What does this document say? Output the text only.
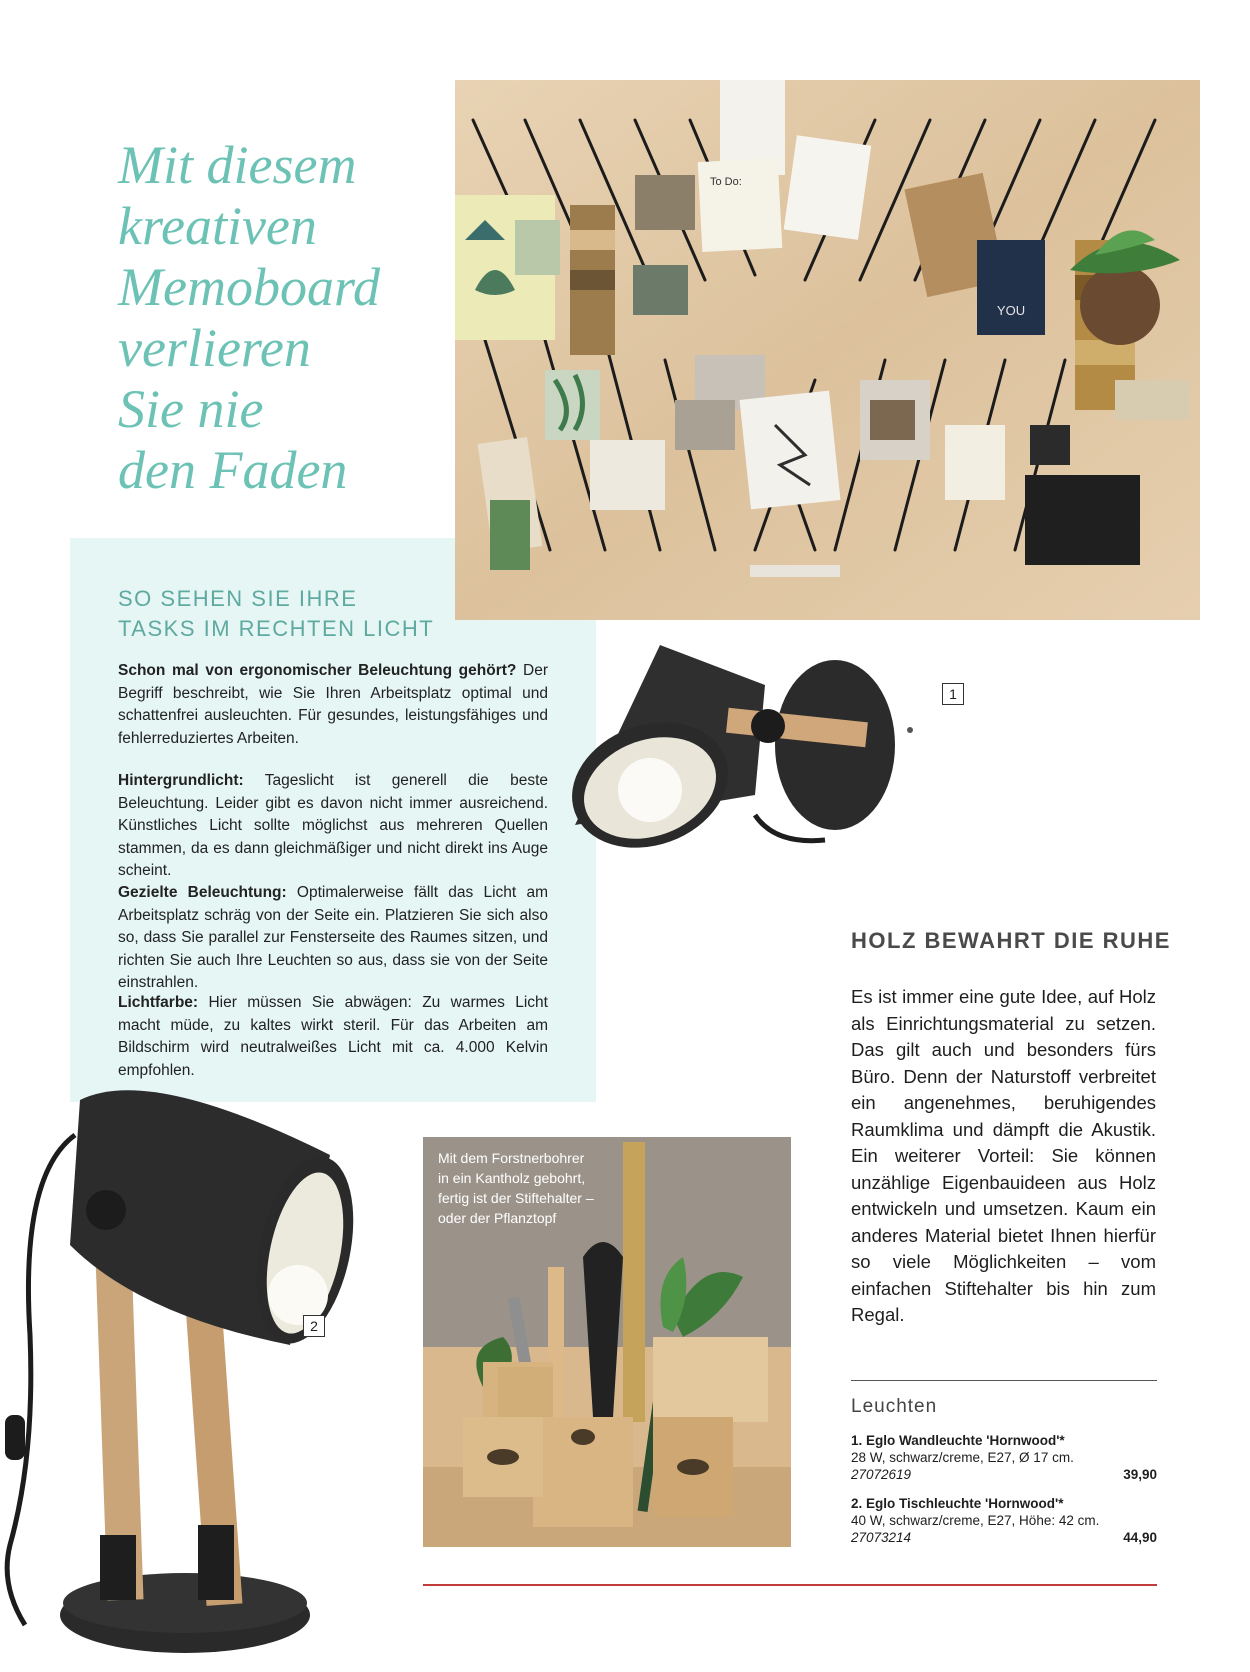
Mit diesem
kreativen
Memoboard
verlieren
Sie nie
den Faden
To Do:
YOU
SO SEHEN SIE IHRE
TASKS IM RECHTEN LICHT

Schon mal von ergonomischer Beleuchtung gehört? Der Begriff beschreibt, wie Sie Ihren Arbeitsplatz optimal und schattenfrei ausleuchten. Für gesundes, leistungsfähiges und fehlerreduziertes Arbeiten.

Hintergrundlicht: Tageslicht ist generell die beste Beleuchtung. Leider gibt es davon nicht immer ausreichend. Künstliches Licht sollte möglichst aus mehreren Quellen stammen, da es dann gleichmäßiger und nicht direkt ins Auge scheint.

Gezielte Beleuchtung: Optimalerweise fällt das Licht am Arbeitsplatz schräg von der Seite ein. Platzieren Sie sich also so, dass Sie parallel zur Fensterseite des Raumes sitzen, und richten Sie auch Ihre Leuchten so aus, dass sie von der Seite einstrahlen.

Lichtfarbe: Hier müssen Sie abwägen: Zu warmes Licht macht müde, zu kaltes wirkt steril. Für das Arbeiten am Bildschirm wird neutralweißes Licht mit ca. 4.000 Kelvin empfohlen.

1
2

Mit dem Forstnerbohrer
in ein Kantholz gebohrt,
fertig ist der Stiftehalter –
oder der Pflanztopf

HOLZ BEWAHRT DIE RUHE

Es ist immer eine gute Idee, auf Holz als Einrichtungsmaterial zu setzen. Das gilt auch und besonders fürs Büro. Denn der Naturstoff verbreitet ein angenehmes, beruhigendes Raumklima und dämpft die Akustik. Ein weiterer Vorteil: Sie können unzählige Eigenbauideen aus Holz entwickeln und umsetzen. Kaum ein anderes Material bietet Ihnen hierfür so viele Möglichkeiten – vom einfachen Stiftehalter bis hin zum Regal.

Leuchten
1. Eglo Wandleuchte 'Hornwood'*
28 W, schwarz/creme, E27, Ø 17 cm.
27072619	39,90
2. Eglo Tischleuchte 'Hornwood'*
40 W, schwarz/creme, E27, Höhe: 42 cm.
27073214	44,90
